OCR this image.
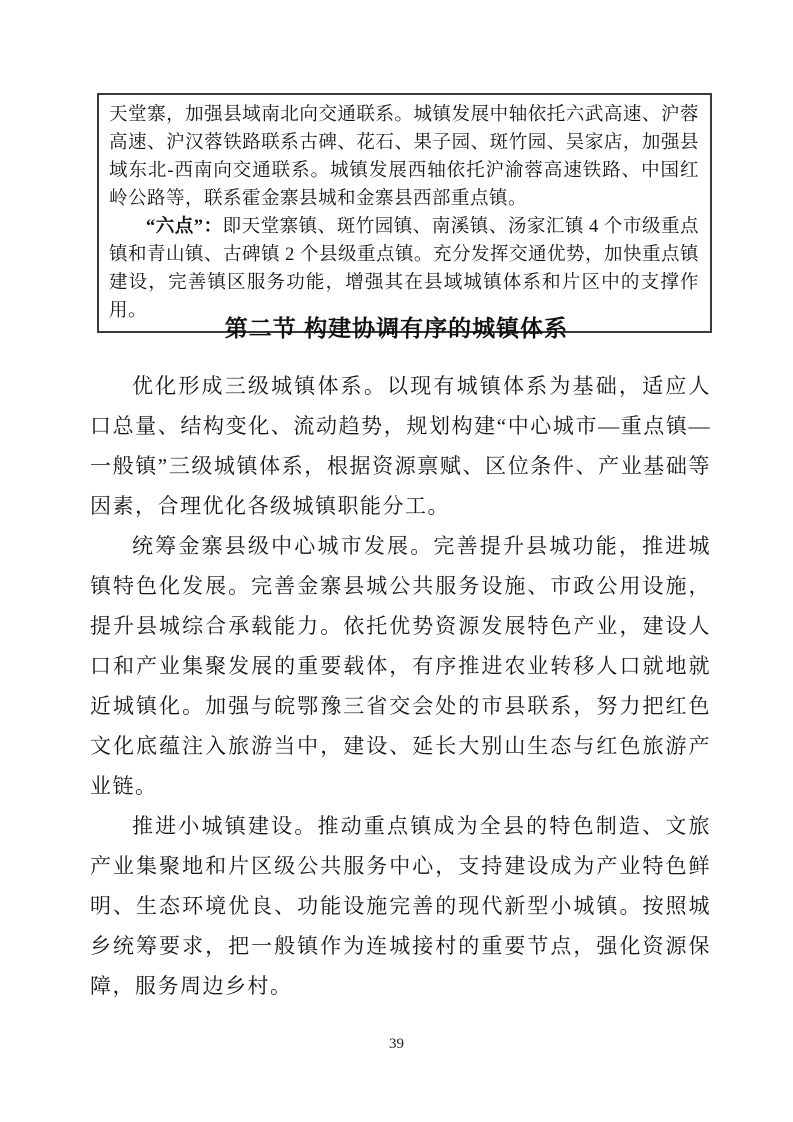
天堂寨，加强县域南北向交通联系。城镇发展中轴依托六武高速、沪蓉高速、沪汉蓉铁路联系古碑、花石、果子园、斑竹园、吴家店，加强县域东北-西南向交通联系。城镇发展西轴依托沪渝蓉高速铁路、中国红岭公路等，联系霍金寨县城和金寨县西部重点镇。

“六点”：即天堂寨镇、斑竹园镇、南溪镇、汤家汇镇 4 个市级重点镇和青山镇、古碑镇 2 个县级重点镇。充分发挥交通优势，加快重点镇建设，完善镇区服务功能，增强其在县域城镇体系和片区中的支撑作用。

第二节 构建协调有序的城镇体系

优化形成三级城镇体系。以现有城镇体系为基础，适应人口总量、结构变化、流动趋势，规划构建“中心城市—重点镇—一般镇”三级城镇体系，根据资源禀赋、区位条件、产业基础等因素，合理优化各级城镇职能分工。

统筹金寨县级中心城市发展。完善提升县城功能，推进城镇特色化发展。完善金寨县城公共服务设施、市政公用设施，提升县城综合承载能力。依托优势资源发展特色产业，建设人口和产业集聚发展的重要载体，有序推进农业转移人口就地就近城镇化。加强与皖鄂豫三省交会处的市县联系，努力把红色文化底蕴注入旅游当中，建设、延长大别山生态与红色旅游产业链。

推进小城镇建设。推动重点镇成为全县的特色制造、文旅产业集聚地和片区级公共服务中心，支持建设成为产业特色鲜明、生态环境优良、功能设施完善的现代新型小城镇。按照城乡统筹要求，把一般镇作为连城接村的重要节点，强化资源保障，服务周边乡村。

39
